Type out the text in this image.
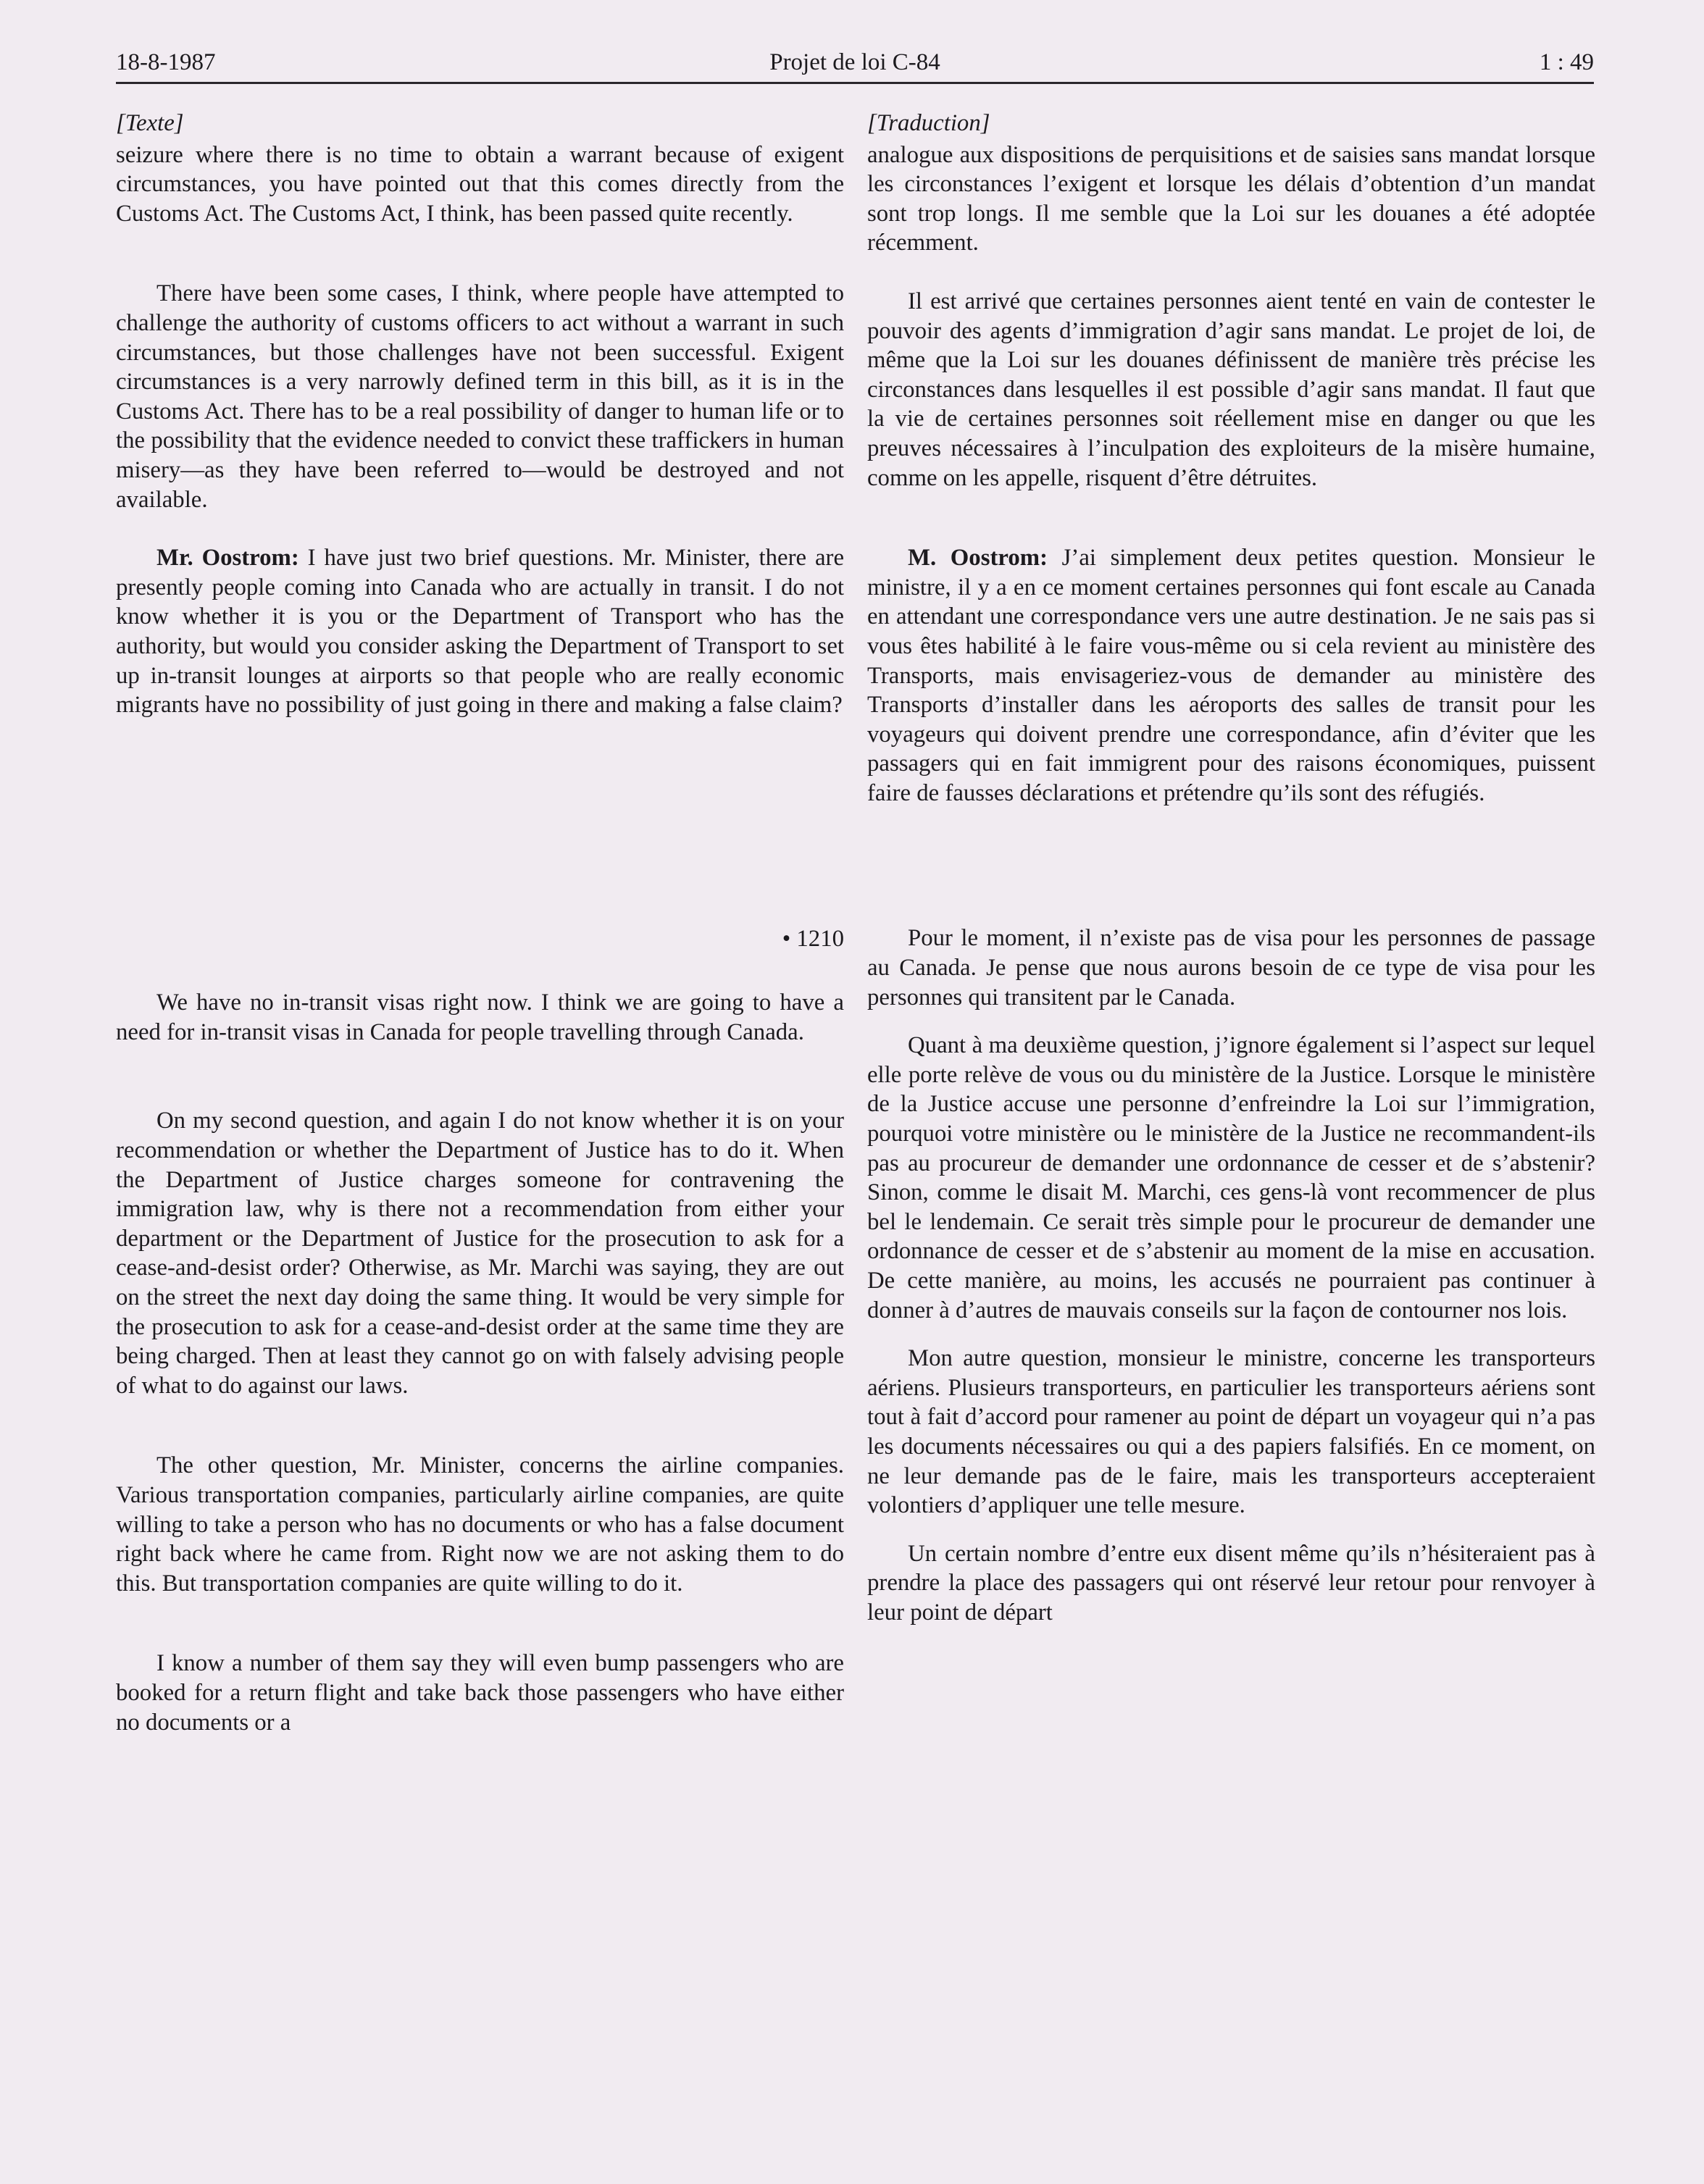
18-8-1987	Projet de loi C-84	1 : 49
[Texte]

seizure where there is no time to obtain a warrant because of exigent circumstances, you have pointed out that this comes directly from the Customs Act. The Customs Act, I think, has been passed quite recently.

There have been some cases, I think, where people have attempted to challenge the authority of customs officers to act without a warrant in such circumstances, but those challenges have not been successful. Exigent circumstances is a very narrowly defined term in this bill, as it is in the Customs Act. There has to be a real possibility of danger to human life or to the possibility that the evidence needed to convict these traffickers in human misery—as they have been referred to—would be destroyed and not available.

Mr. Oostrom: I have just two brief questions. Mr. Minister, there are presently people coming into Canada who are actually in transit. I do not know whether it is you or the Department of Transport who has the authority, but would you consider asking the Department of Transport to set up in-transit lounges at airports so that people who are really economic migrants have no possibility of just going in there and making a false claim?

• 1210

We have no in-transit visas right now. I think we are going to have a need for in-transit visas in Canada for people travelling through Canada.

On my second question, and again I do not know whether it is on your recommendation or whether the Department of Justice has to do it. When the Department of Justice charges someone for contravening the immigration law, why is there not a recommendation from either your department or the Department of Justice for the prosecution to ask for a cease-and-desist order? Otherwise, as Mr. Marchi was saying, they are out on the street the next day doing the same thing. It would be very simple for the prosecution to ask for a cease-and-desist order at the same time they are being charged. Then at least they cannot go on with falsely advising people of what to do against our laws.

The other question, Mr. Minister, concerns the airline companies. Various transportation companies, particularly airline companies, are quite willing to take a person who has no documents or who has a false document right back where he came from. Right now we are not asking them to do this. But transportation companies are quite willing to do it.

I know a number of them say they will even bump passengers who are booked for a return flight and take back those passengers who have either no documents or a

[Traduction]

analogue aux dispositions de perquisitions et de saisies sans mandat lorsque les circonstances l’exigent et lorsque les délais d’obtention d’un mandat sont trop longs. Il me semble que la Loi sur les douanes a été adoptée récemment.

Il est arrivé que certaines personnes aient tenté en vain de contester le pouvoir des agents d’immigration d’agir sans mandat. Le projet de loi, de même que la Loi sur les douanes définissent de manière très précise les circonstances dans lesquelles il est possible d’agir sans mandat. Il faut que la vie de certaines personnes soit réellement mise en danger ou que les preuves nécessaires à l’inculpation des exploiteurs de la misère humaine, comme on les appelle, risquent d’être détruites.

M. Oostrom: J’ai simplement deux petites question. Monsieur le ministre, il y a en ce moment certaines personnes qui font escale au Canada en attendant une correspondance vers une autre destination. Je ne sais pas si vous êtes habilité à le faire vous-même ou si cela revient au ministère des Transports, mais envisageriez-vous de demander au ministère des Transports d’installer dans les aéroports des salles de transit pour les voyageurs qui doivent prendre une correspondance, afin d’éviter que les passagers qui en fait immigrent pour des raisons économiques, puissent faire de fausses déclarations et prétendre qu’ils sont des réfugiés.

Pour le moment, il n’existe pas de visa pour les personnes de passage au Canada. Je pense que nous aurons besoin de ce type de visa pour les personnes qui transitent par le Canada.

Quant à ma deuxième question, j’ignore également si l’aspect sur lequel elle porte relève de vous ou du ministère de la Justice. Lorsque le ministère de la Justice accuse une personne d’enfreindre la Loi sur l’immigration, pourquoi votre ministère ou le ministère de la Justice ne recommandent-ils pas au procureur de demander une ordonnance de cesser et de s’abstenir? Sinon, comme le disait M. Marchi, ces gens-là vont recommencer de plus bel le lendemain. Ce serait très simple pour le procureur de demander une ordonnance de cesser et de s’abstenir au moment de la mise en accusation. De cette manière, au moins, les accusés ne pourraient pas continuer à donner à d’autres de mauvais conseils sur la façon de contourner nos lois.

Mon autre question, monsieur le ministre, concerne les transporteurs aériens. Plusieurs transporteurs, en particulier les transporteurs aériens sont tout à fait d’accord pour ramener au point de départ un voyageur qui n’a pas les documents nécessaires ou qui a des papiers falsifiés. En ce moment, on ne leur demande pas de le faire, mais les transporteurs accepteraient volontiers d’appliquer une telle mesure.

Un certain nombre d’entre eux disent même qu’ils n’hésiteraient pas à prendre la place des passagers qui ont réservé leur retour pour renvoyer à leur point de départ
